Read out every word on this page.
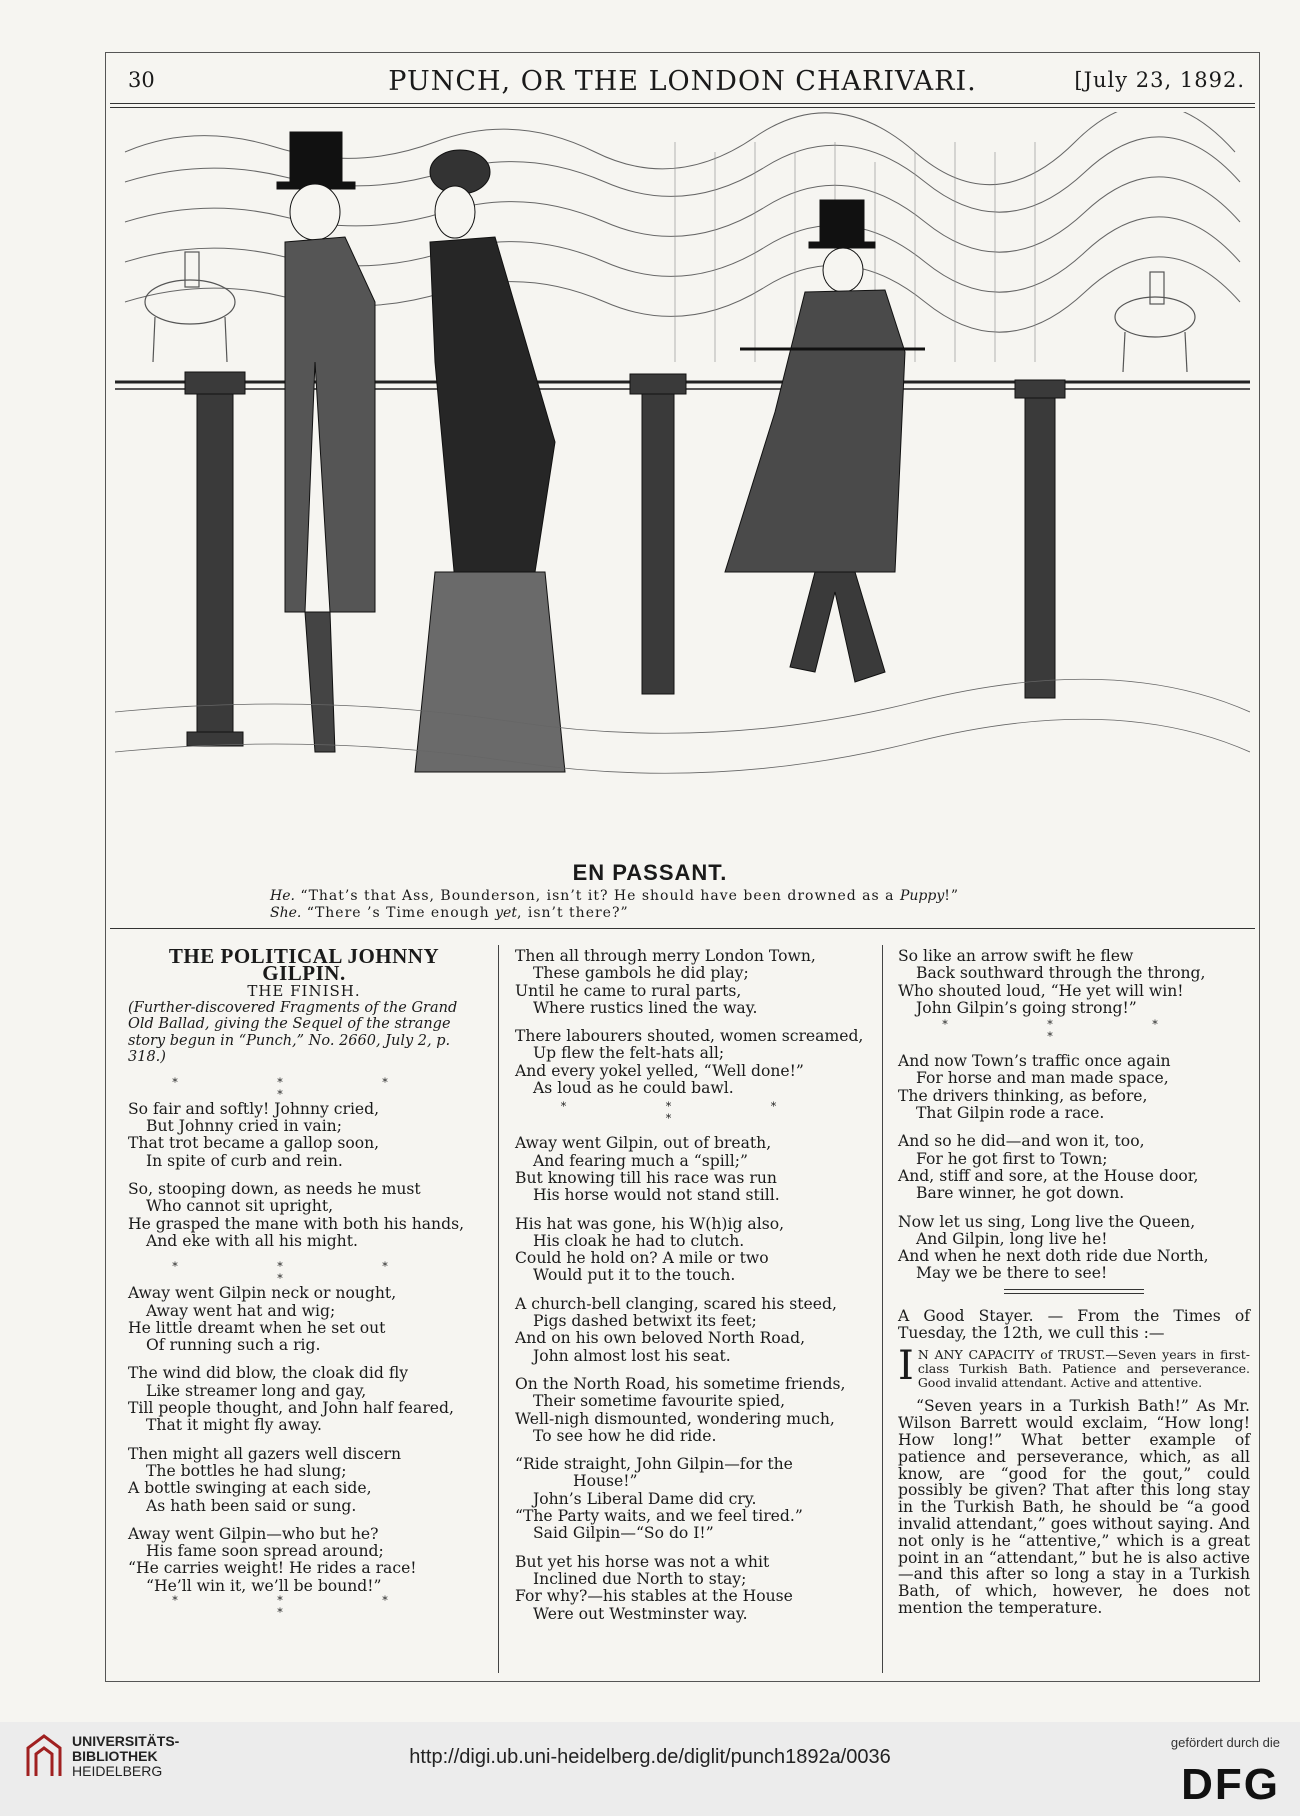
30	PUNCH, OR THE LONDON CHARIVARI.	[July 23, 1892.
EN PASSANT.
He. “That’s that Ass, Bounderson, isn’t it? He should have been drowned as a Puppy!”
She. “There ’s Time enough yet, isn’t there?”

THE POLITICAL JOHNNY GILPIN.

THE FINISH.

(Further-discovered Fragments of the Grand Old Ballad, giving the Sequel of the strange story begun in “Punch,” No. 2660, July 2, p. 318.)

* * * *

So fair and softly! Johnny cried,

But Johnny cried in vain;

That trot became a gallop soon,

In spite of curb and rein.

So, stooping down, as needs he must

Who cannot sit upright,

He grasped the mane with both his hands,

And eke with all his might.

* * * *

Away went Gilpin neck or nought,

Away went hat and wig;

He little dreamt when he set out

Of running such a rig.

The wind did blow, the cloak did fly

Like streamer long and gay,

Till people thought, and John half feared,

That it might fly away.

Then might all gazers well discern

The bottles he had slung;

A bottle swinging at each side,

As hath been said or sung.

Away went Gilpin—who but he?

His fame soon spread around;

“He carries weight! He rides a race!

“He’ll win it, we’ll be bound!”

* * * *

Then all through merry London Town,

These gambols he did play;

Until he came to rural parts,

Where rustics lined the way.

There labourers shouted, women screamed,

Up flew the felt-hats all;

And every yokel yelled, “Well done!”

As loud as he could bawl.

* * * *

Away went Gilpin, out of breath,

And fearing much a “spill;”

But knowing till his race was run

His horse would not stand still.

His hat was gone, his W(h)ig also,

His cloak he had to clutch.

Could he hold on? A mile or two

Would put it to the touch.

A church-bell clanging, scared his steed,

Pigs dashed betwixt its feet;

And on his own beloved North Road,

John almost lost his seat.

On the North Road, his sometime friends,

Their sometime favourite spied,

Well-nigh dismounted, wondering much,

To see how he did ride.

“Ride straight, John Gilpin—for the

House!”

John’s Liberal Dame did cry.

“The Party waits, and we feel tired.”

Said Gilpin—“So do I!”

But yet his horse was not a whit

Inclined due North to stay;

For why?—his stables at the House

Were out Westminster way.

So like an arrow swift he flew

Back southward through the throng,

Who shouted loud, “He yet will win!

John Gilpin’s going strong!”

* * * *

And now Town’s traffic once again

For horse and man made space,

The drivers thinking, as before,

That Gilpin rode a race.

And so he did—and won it, too,

For he got first to Town;

And, stiff and sore, at the House door,

Bare winner, he got down.

Now let us sing, Long live the Queen,

And Gilpin, long live he!

And when he next doth ride due North,

May we be there to see!

A Good Stayer. — From the Times of Tuesday, the 12th, we cull this :—

I N ANY CAPACITY of TRUST.—Seven years in first-class Turkish Bath. Patience and perseverance. Good invalid attendant. Active and attentive.

“Seven years in a Turkish Bath!” As Mr. Wilson Barrett would exclaim, “How long! How long!” What better example of patience and perseverance, which, as all know, are “good for the gout,” could possibly be given? That after this long stay in the Turkish Bath, he should be “a good invalid attendant,” goes without saying. And not only is he “attentive,” which is a great point in an “attendant,” but he is also active—and this after so long a stay in a Turkish Bath, of which, however, he does not mention the temperature.

UNIVERSITÄTS-
BIBLIOTHEK
HEIDELBERG
http://digi.ub.uni-heidelberg.de/diglit/punch1892a/0036
gefördert durch die
DFG
